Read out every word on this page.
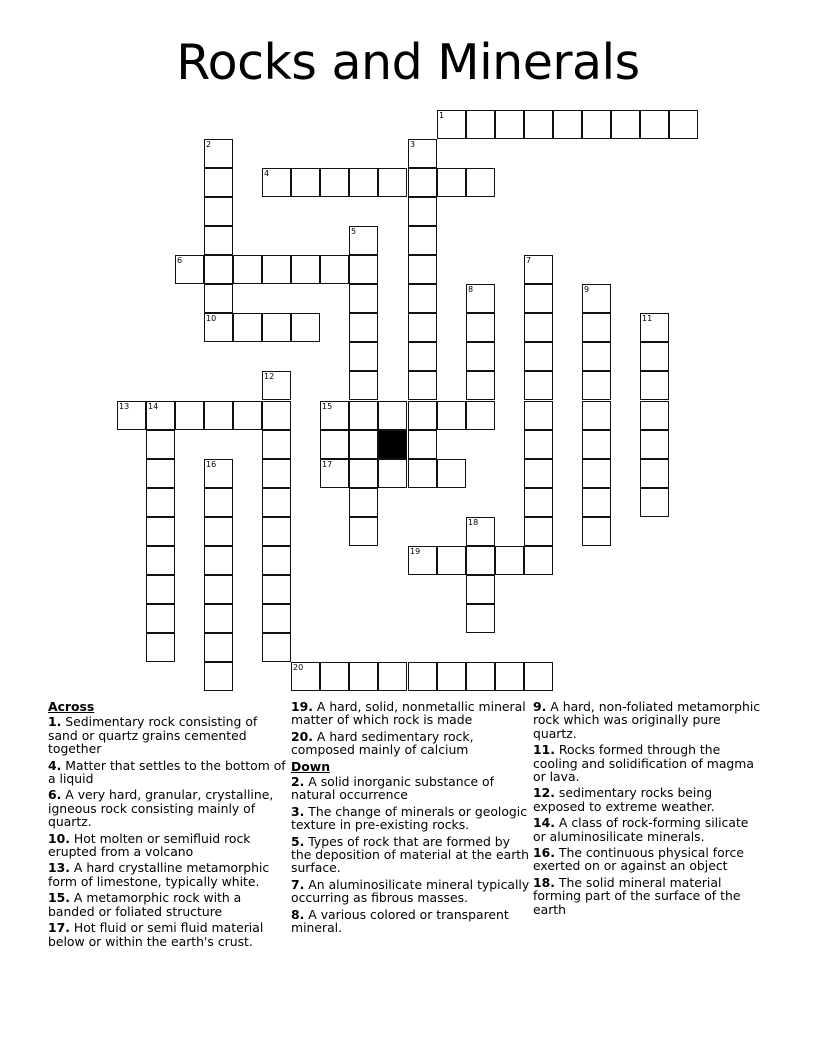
Rocks and Minerals
1
2
10
3
4
5
6	7
8	9
11
12
13 14	15
16	17
18
19
20
Across
1. Sedimentary rock consisting of sand or quartz grains cemented together
4. Matter that settles to the bottom of a liquid
6. A very hard, granular, crystalline, igneous rock consisting mainly of quartz.
10. Hot molten or semifluid rock erupted from a volcano
13. A hard crystalline metamorphic form of limestone, typically white.
15. A metamorphic rock with a banded or foliated structure
17. Hot fluid or semi fluid material below or within the earth's crust.
19. A hard, solid, nonmetallic mineral matter of which rock is made
20. A hard sedimentary rock, composed mainly of calcium
Down
2. A solid inorganic substance of natural occurrence
3. The change of minerals or geologic texture in pre-existing rocks.
5. Types of rock that are formed by the deposition of material at the earth surface.
7. An aluminosilicate mineral typically occurring as fibrous masses.
8. A various colored or transparent mineral.
9. A hard, non-foliated metamorphic rock which was originally pure quartz.
11. Rocks formed through the cooling and solidification of magma or lava.
12. sedimentary rocks being exposed to extreme weather.
14. A class of rock-forming silicate or aluminosilicate minerals.
16. The continuous physical force exerted on or against an object
18. The solid mineral material forming part of the surface of the earth
